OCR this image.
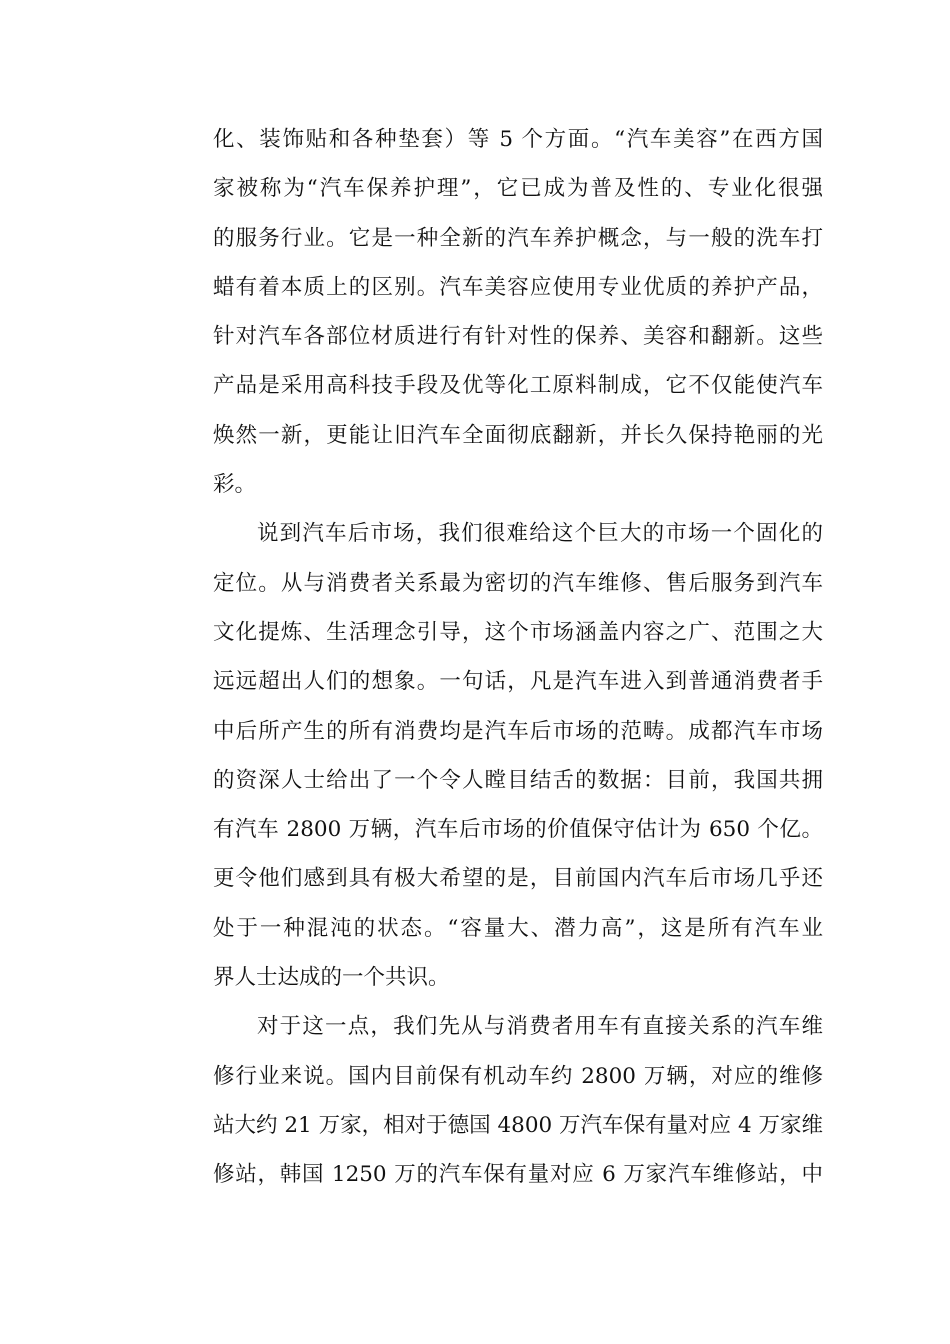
化、装饰贴和各种垫套）等 5 个方面。“汽车美容”在西方国
家被称为“汽车保养护理”，它已成为普及性的、专业化很强
的服务行业。它是一种全新的汽车养护概念，与一般的洗车打
蜡有着本质上的区别。汽车美容应使用专业优质的养护产品，
针对汽车各部位材质进行有针对性的保养、美容和翻新。这些
产品是采用高科技手段及优等化工原料制成，它不仅能使汽车
焕然一新，更能让旧汽车全面彻底翻新，并长久保持艳丽的光
彩。
说到汽车后市场，我们很难给这个巨大的市场一个固化的
定位。从与消费者关系最为密切的汽车维修、售后服务到汽车
文化提炼、生活理念引导，这个市场涵盖内容之广、范围之大
远远超出人们的想象。一句话，凡是汽车进入到普通消费者手
中后所产生的所有消费均是汽车后市场的范畴。成都汽车市场
的资深人士给出了一个令人瞠目结舌的数据：目前，我国共拥
有汽车 2800 万辆，汽车后市场的价值保守估计为 650 个亿。
更令他们感到具有极大希望的是，目前国内汽车后市场几乎还
处于一种混沌的状态。“容量大、潜力高”，这是所有汽车业
界人士达成的一个共识。
对于这一点，我们先从与消费者用车有直接关系的汽车维
修行业来说。国内目前保有机动车约 2800 万辆，对应的维修
站大约 21 万家，相对于德国 4800 万汽车保有量对应 4 万家维
修站，韩国 1250 万的汽车保有量对应 6 万家汽车维修站，中
